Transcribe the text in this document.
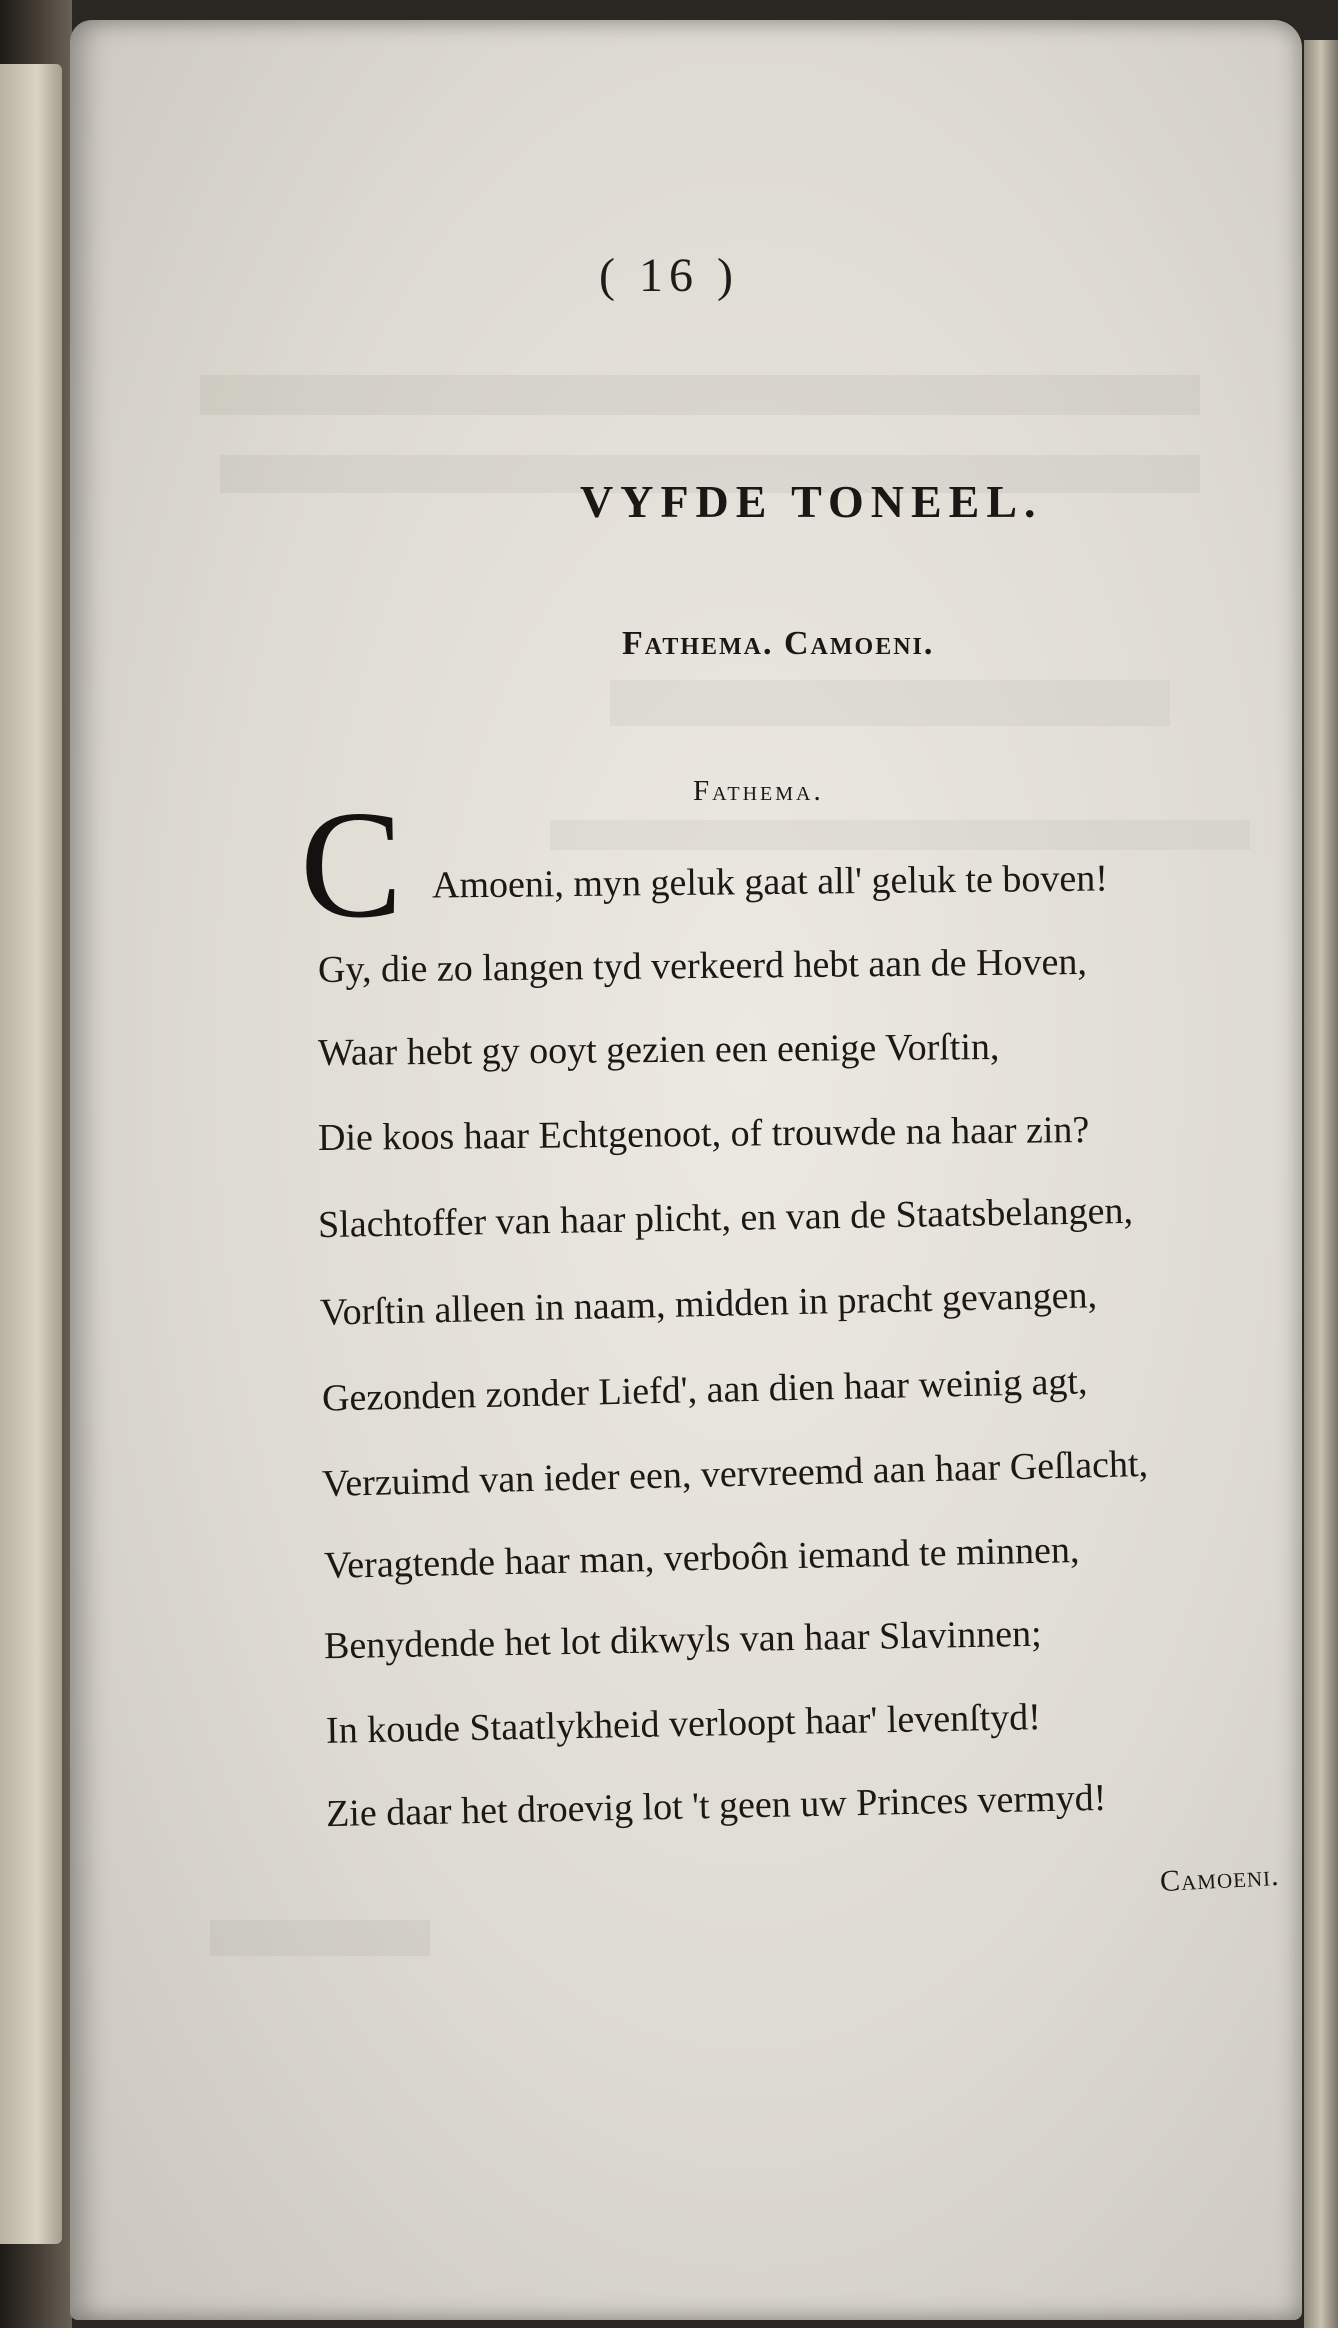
( 16 )
VYFDE TONEEL.
Fathema. Camoeni.
Fathema.
C Amoeni, myn geluk gaat all' geluk te boven!
Gy, die zo langen tyd verkeerd hebt aan de Hoven,
Waar hebt gy ooyt gezien een eenige Vorſtin,
Die koos haar Echtgenoot, of trouwde na haar zin?
Slachtoffer van haar plicht, en van de Staatsbelangen,
Vorſtin alleen in naam, midden in pracht gevangen,
Gezonden zonder Liefd', aan dien haar weinig agt,
Verzuimd van ieder een, vervreemd aan haar Geſlacht,
Veragtende haar man, verboôn iemand te minnen,
Benydende het lot dikwyls van haar Slavinnen;
In koude Staatlykheid verloopt haar' levenſtyd!
Zie daar het droevig lot 't geen uw Princes vermyd!
Camoeni.
